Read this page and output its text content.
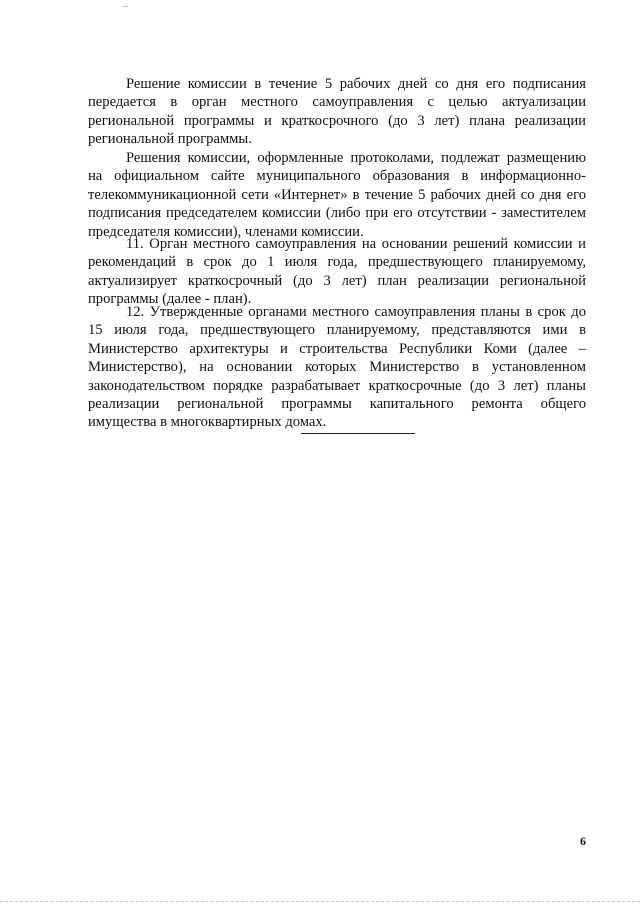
Решение комиссии в течение 5 рабочих дней со дня его подписания передается в орган местного самоуправления с целью актуализации региональной программы и краткосрочного (до 3 лет) плана реализации региональной программы.

Решения комиссии, оформленные протоколами, подлежат размещению на официальном сайте муниципального образования в информационно-телекоммуникационной сети «Интернет» в течение 5 рабочих дней со дня его подписания председателем комиссии (либо при его отсутствии - заместителем председателя комиссии), членами комиссии.

11. Орган местного самоуправления на основании решений комиссии и рекомендаций в срок до 1 июля года, предшествующего планируемому, актуализирует краткосрочный (до 3 лет) план реализации региональной программы (далее - план).

12. Утвержденные органами местного самоуправления планы в срок до 15 июля года, предшествующего планируемому, представляются ими в Министерство архитектуры и строительства Республики Коми (далее – Министерство), на основании которых Министерство в установленном законодательством порядке разрабатывает краткосрочные (до 3 лет) планы реализации региональной программы капитального ремонта общего имущества в многоквартирных домах.

6
